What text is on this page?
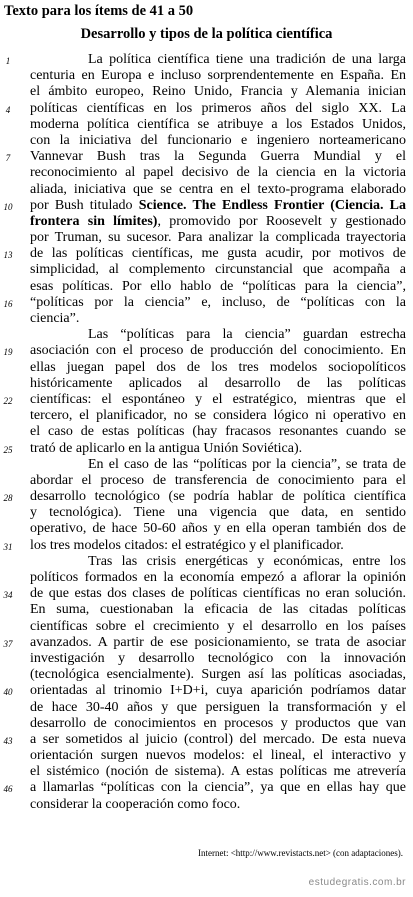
Texto para los ítems de 41 a 50
Desarrollo y tipos de la política científica
1	La política científica tiene una tradición de una larga
centuria en Europa e incluso sorprendentemente en España. En
el ámbito europeo, Reino Unido, Francia y Alemania inician
4	políticas científicas en los primeros años del siglo XX. La
moderna política científica se atribuye a los Estados Unidos,
con la iniciativa del funcionario e ingeniero norteamericano
7	Vannevar Bush tras la Segunda Guerra Mundial y el
reconocimiento al papel decisivo de la ciencia en la victoria
aliada, iniciativa que se centra en el texto-programa elaborado
10 por Bush titulado Science. The Endless Frontier (Ciencia. La
frontera sin límites), promovido por Roosevelt y gestionado
por Truman, su sucesor. Para analizar la complicada trayectoria
13 de las políticas científicas, me gusta acudir, por motivos de
simplicidad, al complemento circunstancial que acompaña a
esas políticas. Por ello hablo de “políticas para la ciencia”,
16 “políticas por la ciencia” e, incluso, de “políticas con la
ciencia”.
Las “políticas para la ciencia” guardan estrecha
19 asociación con el proceso de producción del conocimiento. En
ellas juegan papel dos de los tres modelos sociopolíticos
históricamente aplicados al desarrollo de las políticas
22 científicas: el espontáneo y el estratégico, mientras que el
tercero, el planificador, no se considera lógico ni operativo en
el caso de estas políticas (hay fracasos resonantes cuando se
25 trató de aplicarlo en la antigua Unión Soviética).
En el caso de las “políticas por la ciencia”, se trata de
abordar el proceso de transferencia de conocimiento para el
28 desarrollo tecnológico (se podría hablar de política científica
y tecnológica). Tiene una vigencia que data, en sentido
operativo, de hace 50-60 años y en ella operan también dos de
31 los tres modelos citados: el estratégico y el planificador.
Tras las crisis energéticas y económicas, entre los
políticos formados en la economía empezó a aflorar la opinión
34 de que estas dos clases de políticas científicas no eran solución.
En suma, cuestionaban la eficacia de las citadas políticas
científicas sobre el crecimiento y el desarrollo en los países
37 avanzados. A partir de ese posicionamiento, se trata de asociar
investigación y desarrollo tecnológico con la innovación
(tecnológica esencialmente). Surgen así las políticas asociadas,
40 orientadas al trinomio I+D+i, cuya aparición podríamos datar
de hace 30-40 años y que persiguen la transformación y el
desarrollo de conocimientos en procesos y productos que van
43 a ser sometidos al juicio (control) del mercado. De esta nueva
orientación surgen nuevos modelos: el lineal, el interactivo y
el sistémico (noción de sistema). A estas políticas me atrevería
46 a llamarlas “políticas con la ciencia”, ya que en ellas hay que
considerar la cooperación como foco.
Internet: <http://www.revistacts.net> (con adaptaciones).
estudegratis.com.br
